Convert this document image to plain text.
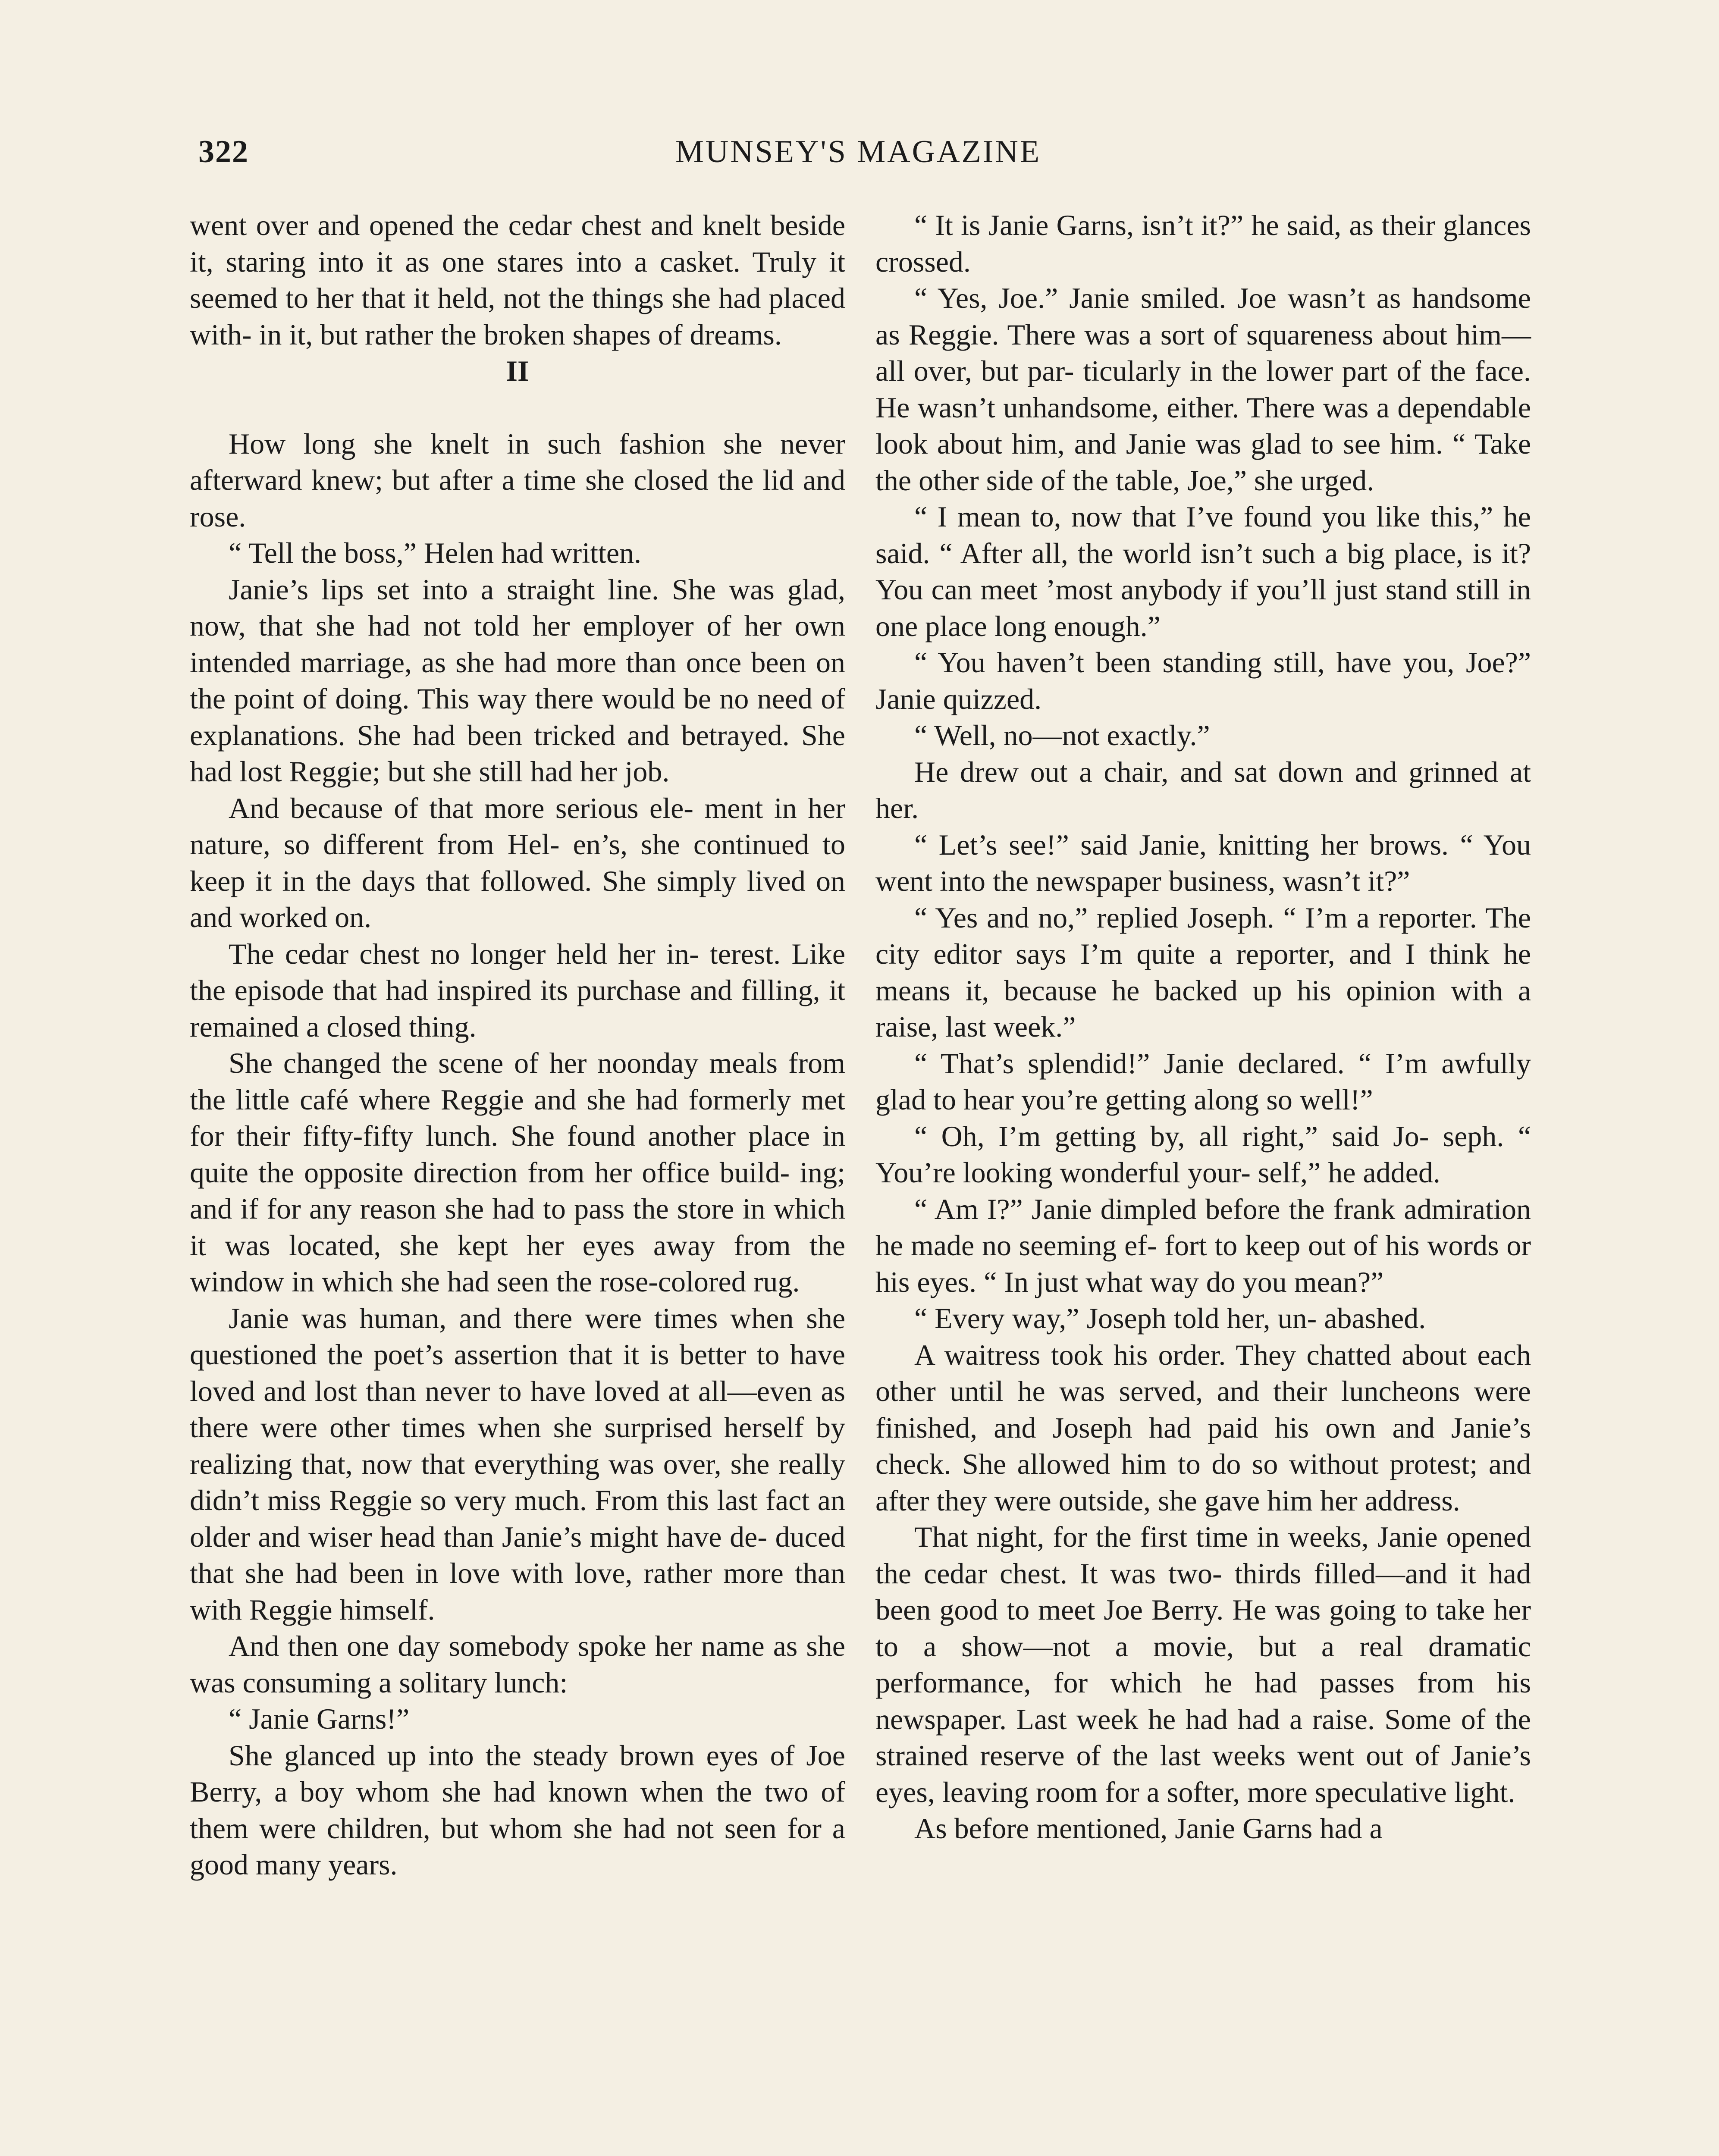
322	MUNSEY'S MAGAZINE

went over and opened the cedar chest and knelt beside it, staring into it as one stares into a casket. Truly it seemed to her that it held, not the things she had placed with- in it, but rather the broken shapes of dreams.

II

How long she knelt in such fashion she never afterward knew; but after a time she closed the lid and rose.

“ Tell the boss,” Helen had written.

Janie’s lips set into a straight line. She was glad, now, that she had not told her employer of her own intended marriage, as she had more than once been on the point of doing. This way there would be no need of explanations. She had been tricked and betrayed. She had lost Reggie; but she still had her job.

And because of that more serious ele- ment in her nature, so different from Hel- en’s, she continued to keep it in the days that followed. She simply lived on and worked on.

The cedar chest no longer held her in- terest. Like the episode that had inspired its purchase and filling, it remained a closed thing.

She changed the scene of her noonday meals from the little café where Reggie and she had formerly met for their fifty-fifty lunch. She found another place in quite the opposite direction from her office build- ing; and if for any reason she had to pass the store in which it was located, she kept her eyes away from the window in which she had seen the rose-colored rug.

Janie was human, and there were times when she questioned the poet’s assertion that it is better to have loved and lost than never to have loved at all—even as there were other times when she surprised herself by realizing that, now that everything was over, she really didn’t miss Reggie so very much. From this last fact an older and wiser head than Janie’s might have de- duced that she had been in love with love, rather more than with Reggie himself.

And then one day somebody spoke her name as she was consuming a solitary lunch:

“ Janie Garns!”

She glanced up into the steady brown eyes of Joe Berry, a boy whom she had known when the two of them were children, but whom she had not seen for a good many years.

“ It is Janie Garns, isn’t it?” he said, as their glances crossed.

“ Yes, Joe.” Janie smiled. Joe wasn’t as handsome as Reggie. There was a sort of squareness about him—all over, but par- ticularly in the lower part of the face. He wasn’t unhandsome, either. There was a dependable look about him, and Janie was glad to see him. “ Take the other side of the table, Joe,” she urged.

“ I mean to, now that I’ve found you like this,” he said. “ After all, the world isn’t such a big place, is it? You can meet ’most anybody if you’ll just stand still in one place long enough.”

“ You haven’t been standing still, have you, Joe?” Janie quizzed.

“ Well, no—not exactly.”

He drew out a chair, and sat down and grinned at her.

“ Let’s see!” said Janie, knitting her brows. “ You went into the newspaper business, wasn’t it?”

“ Yes and no,” replied Joseph. “ I’m a reporter. The city editor says I’m quite a reporter, and I think he means it, because he backed up his opinion with a raise, last week.”

“ That’s splendid!” Janie declared. “ I’m awfully glad to hear you’re getting along so well!”

“ Oh, I’m getting by, all right,” said Jo- seph. “ You’re looking wonderful your- self,” he added.

“ Am I?” Janie dimpled before the frank admiration he made no seeming ef- fort to keep out of his words or his eyes. “ In just what way do you mean?”

“ Every way,” Joseph told her, un- abashed.

A waitress took his order. They chatted about each other until he was served, and their luncheons were finished, and Joseph had paid his own and Janie’s check. She allowed him to do so without protest; and after they were outside, she gave him her address.

That night, for the first time in weeks, Janie opened the cedar chest. It was two- thirds filled—and it had been good to meet Joe Berry. He was going to take her to a show—not a movie, but a real dramatic performance, for which he had passes from his newspaper. Last week he had had a raise. Some of the strained reserve of the last weeks went out of Janie’s eyes, leaving room for a softer, more speculative light.

As before mentioned, Janie Garns had a
